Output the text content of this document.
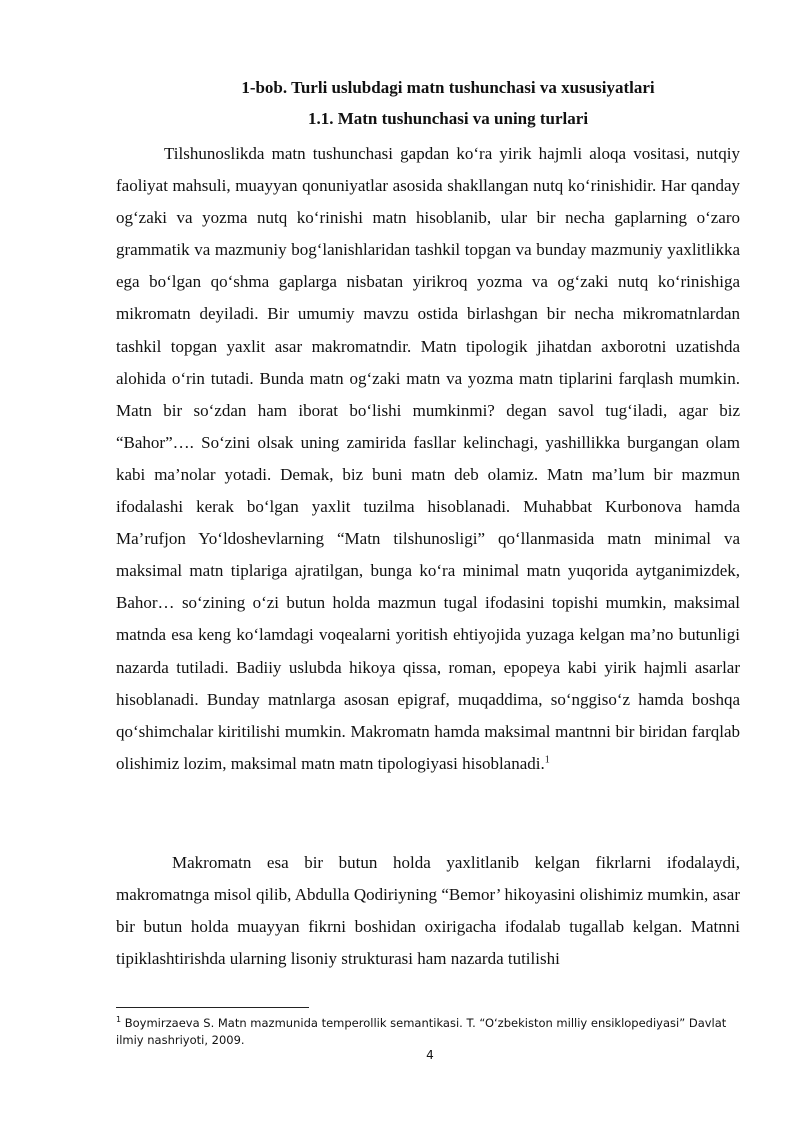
1-bob. Turli uslubdagi matn tushunchasi va xususiyatlari
1.1. Matn tushunchasi va uning turlari

Tilshunoslikda matn tushunchasi gapdan ko‘ra yirik hajmli aloqa vositasi, nutqiy faoliyat mahsuli, muayyan qonuniyatlar asosida shakllangan nutq ko‘rinishidir. Har qanday og‘zaki va yozma nutq ko‘rinishi matn hisoblanib, ular bir necha gaplarning o‘zaro grammatik va mazmuniy bog‘lanishlaridan tashkil topgan va bunday mazmuniy yaxlitlikka ega bo‘lgan qo‘shma gaplarga nisbatan yirikroq yozma va og‘zaki nutq ko‘rinishiga mikromatn deyiladi. Bir umumiy mavzu ostida birlashgan bir necha mikromatnlardan tashkil topgan yaxlit asar makromatndir. Matn tipologik jihatdan axborotni uzatishda alohida o‘rin tutadi. Bunda matn og‘zaki matn va yozma matn tiplarini farqlash mumkin. Matn bir so‘zdan ham iborat bo‘lishi mumkinmi? degan savol tug‘iladi, agar biz “Bahor”…. So‘zini olsak uning zamirida fasllar kelinchagi, yashillikka burgangan olam kabi ma’nolar yotadi. Demak, biz buni matn deb olamiz. Matn ma’lum bir mazmun ifodalashi kerak bo‘lgan yaxlit tuzilma hisoblanadi. Muhabbat Kurbonova hamda Ma’rufjon Yo‘ldoshevlarning “Matn tilshunosligi” qo‘llanmasida matn minimal va maksimal matn tiplariga ajratilgan, bunga ko‘ra minimal matn yuqorida aytganimizdek, Bahor… so‘zining o‘zi butun holda mazmun tugal ifodasini topishi mumkin, maksimal matnda esa keng ko‘lamdagi voqealarni yoritish ehtiyojida yuzaga kelgan ma’no butunligi nazarda tutiladi. Badiiy uslubda hikoya qissa, roman, epopeya kabi yirik hajmli asarlar hisoblanadi. Bunday matnlarga asosan epigraf, muqaddima, so‘nggiso‘z hamda boshqa qo‘shimchalar kiritilishi mumkin. Makromatn hamda maksimal mantnni bir biridan farqlab olishimiz lozim, maksimal matn matn tipologiyasi hisoblanadi.$^1$

Makromatn esa bir butun holda yaxlitlanib kelgan fikrlarni ifodalaydi, makromatnga misol qilib, Abdulla Qodiriyning “Bemor’ hikoyasini olishimiz mumkin, asar bir butun holda muayyan fikrni boshidan oxirigacha ifodalab tugallab kelgan. Matnni tipiklashtirishda ularning lisoniy strukturasi ham nazarda tutilishi

$^1$ Boymirzaeva S. Matn mazmunida temperollik semantikasi. T. “O‘zbekiston milliy ensiklopediyasi” Davlat ilmiy nashriyoti, 2009.
4
